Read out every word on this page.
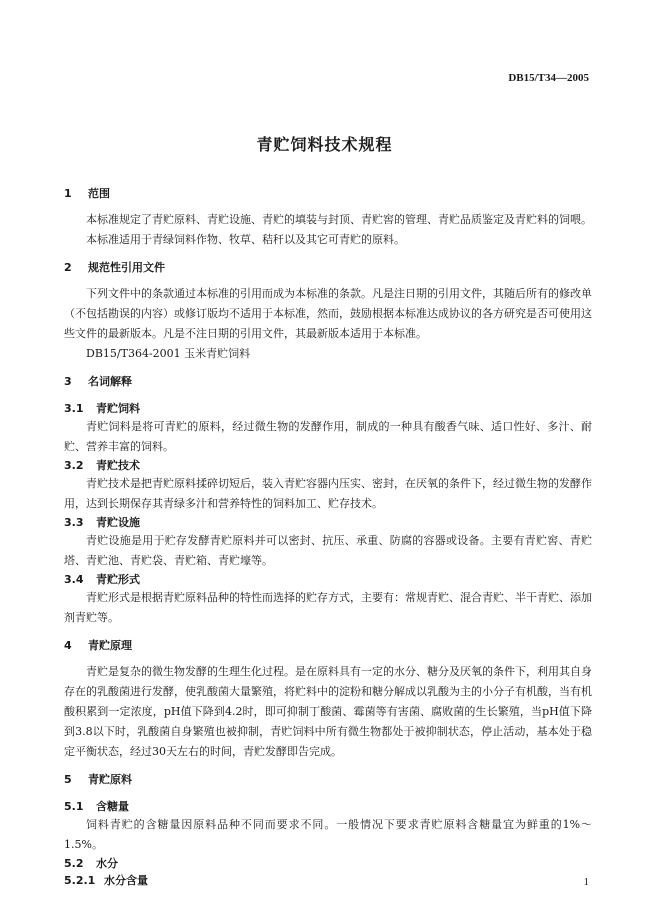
DB15/T34—2005
青贮饲料技术规程
1 范围

本标准规定了青贮原料、青贮设施、青贮的填装与封顶、青贮窖的管理、青贮品质鉴定及青贮料的饲喂。

本标准适用于青绿饲料作物、牧草、秸秆以及其它可青贮的原料。

2 规范性引用文件

下列文件中的条款通过本标准的引用而成为本标准的条款。凡是注日期的引用文件，其随后所有的修改单（不包括勘误的内容）或修订版均不适用于本标准，然而，鼓励根据本标准达成协议的各方研究是否可使用这些文件的最新版本。凡是不注日期的引用文件，其最新版本适用于本标准。

DB15/T364-2001 玉米青贮饲料

3 名词解释
3.1 青贮饲料

青贮饲料是将可青贮的原料，经过微生物的发酵作用，制成的一种具有酸香气味、适口性好、多汁、耐贮、营养丰富的饲料。

3.2 青贮技术

青贮技术是把青贮原料揉碎切短后，装入青贮容器内压实、密封，在厌氧的条件下，经过微生物的发酵作用，达到长期保存其青绿多汁和营养特性的饲料加工、贮存技术。

3.3 青贮设施

青贮设施是用于贮存发酵青贮原料并可以密封、抗压、承重、防腐的容器或设备。主要有青贮窖、青贮塔、青贮池、青贮袋、青贮箱、青贮壕等。

3.4 青贮形式

青贮形式是根据青贮原料品种的特性而选择的贮存方式，主要有：常规青贮、混合青贮、半干青贮、添加剂青贮等。

4 青贮原理

青贮是复杂的微生物发酵的生理生化过程。是在原料具有一定的水分、糖分及厌氧的条件下，利用其自身存在的乳酸菌进行发酵，使乳酸菌大量繁殖，将贮料中的淀粉和糖分解成以乳酸为主的小分子有机酸，当有机酸积累到一定浓度，pH值下降到4.2时，即可抑制丁酸菌、霉菌等有害菌、腐败菌的生长繁殖，当pH值下降到3.8以下时，乳酸菌自身繁殖也被抑制，青贮饲料中所有微生物都处于被抑制状态，停止活动，基本处于稳定平衡状态，经过30天左右的时间，青贮发酵即告完成。

5 青贮原料
5.1 含糖量

饲料青贮的含糖量因原料品种不同而要求不同。一般情况下要求青贮原料含糖量宜为鲜重的1%～1.5%。

5.2 水分
5.2.1 水分含量	1
